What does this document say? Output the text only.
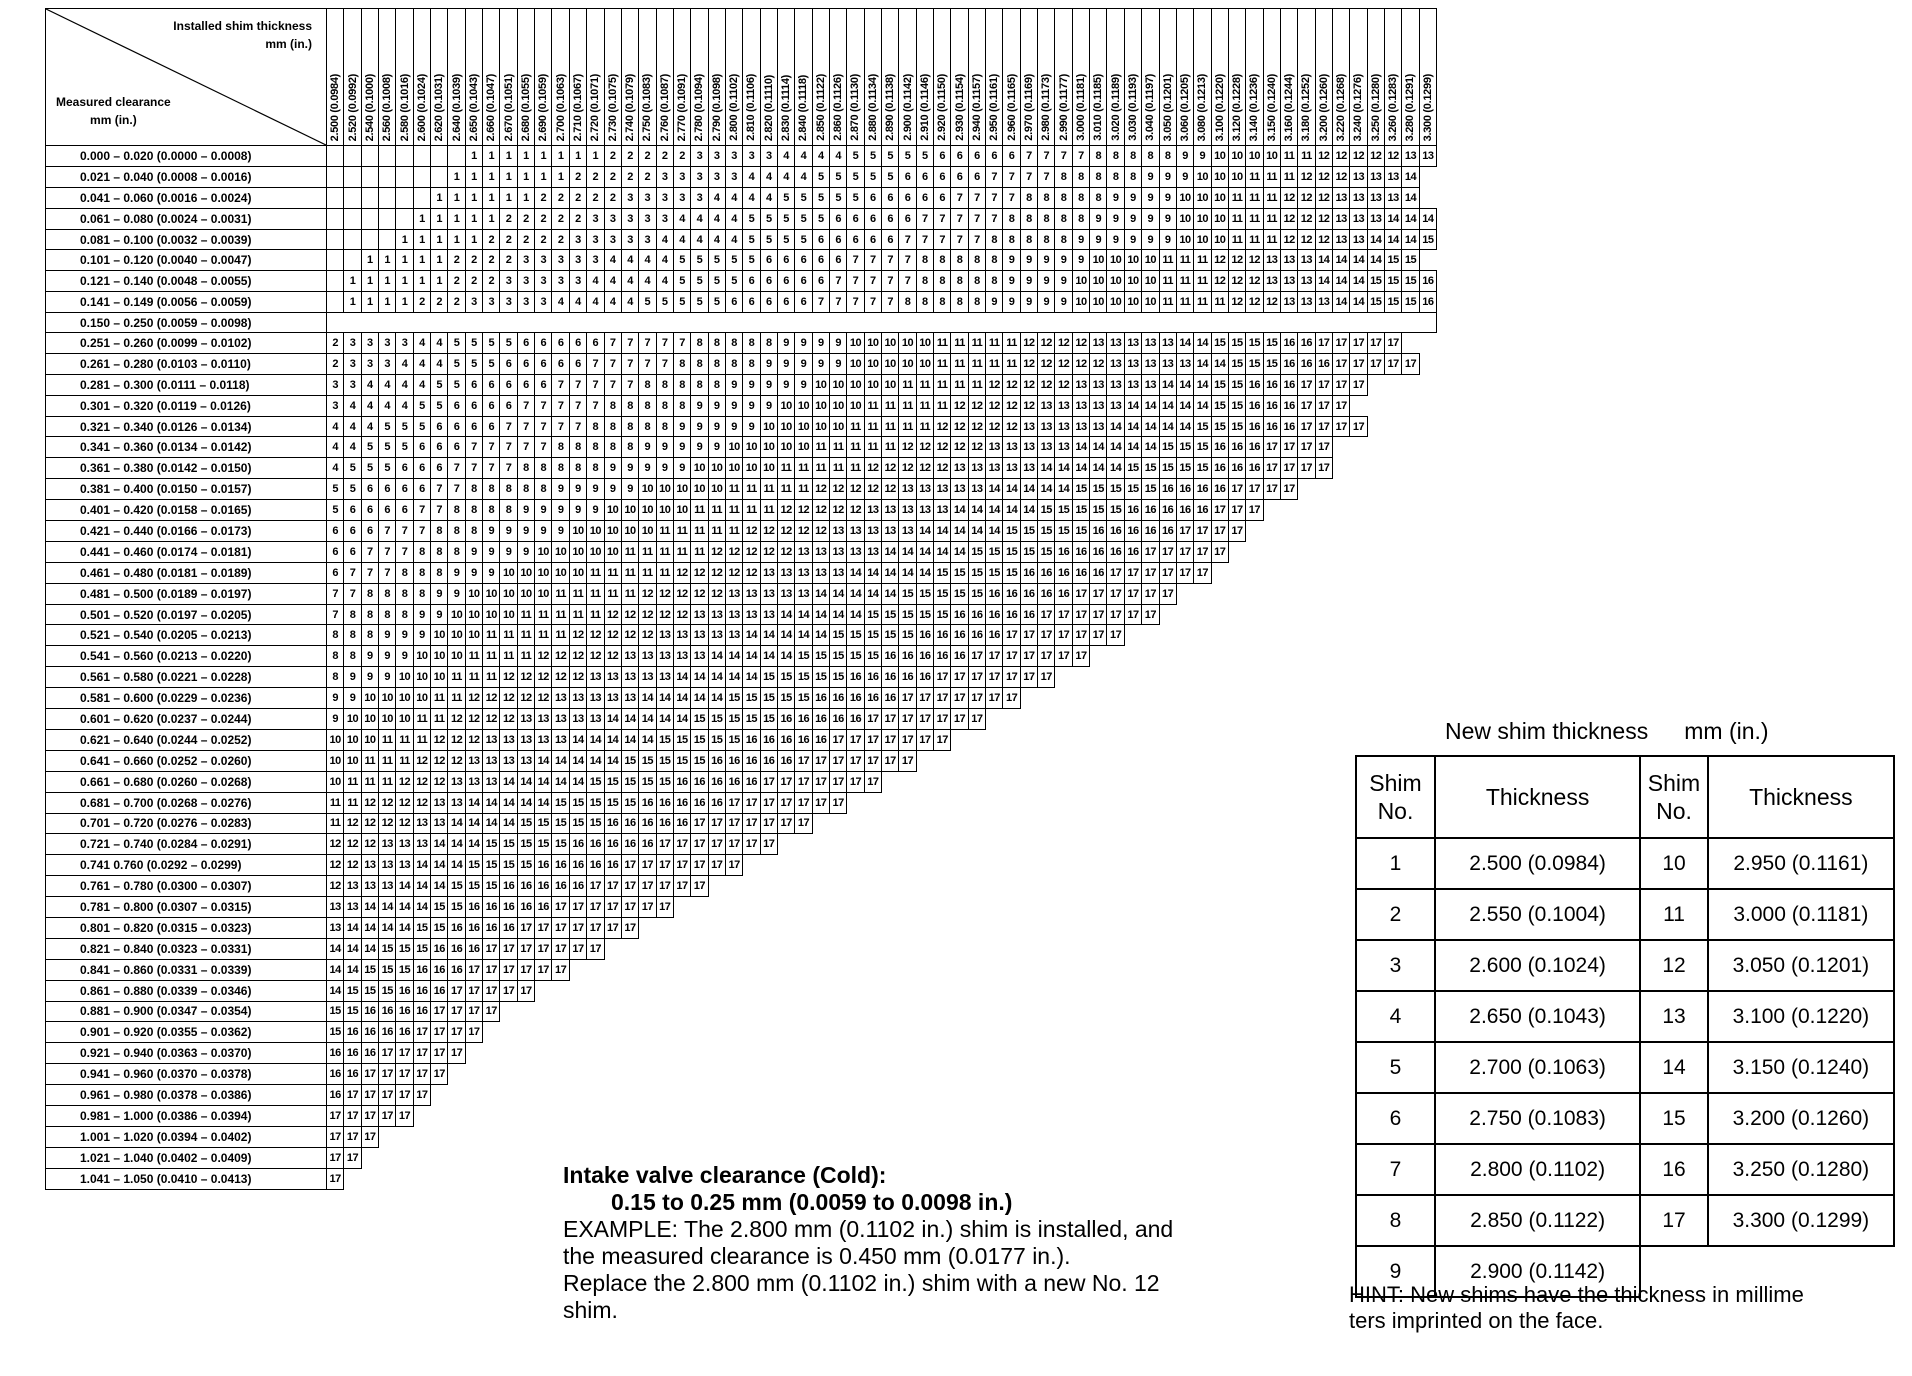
Installed shim thickness
mm (in.)
Measured clearance
mm (in.)	2.500 (0.0984)	2.520 (0.0992)	2.540 (0.1000)	2.560 (0.1008)	2.580 (0.1016)	2.600 (0.1024)	2.620 (0.1031)	2.640 (0.1039)	2.650 (0.1043)	2.660 (0.1047)	2.670 (0.1051)	2.680 (0.1055)	2.690 (0.1059)	2.700 (0.1063)	2.710 (0.1067)	2.720 (0.1071)	2.730 (0.1075)	2.740 (0.1079)	2.750 (0.1083)	2.760 (0.1087)	2.770 (0.1091)	2.780 (0.1094)	2.790 (0.1098)	2.800 (0.1102)	2.810 (0.1106)	2.820 (0.1110)	2.830 (0.1114)	2.840 (0.1118)	2.850 (0.1122)	2.860 (0.1126)	2.870 (0.1130)	2.880 (0.1134)	2.890 (0.1138)	2.900 (0.1142)	2.910 (0.1146)	2.920 (0.1150)	2.930 (0.1154)	2.940 (0.1157)	2.950 (0.1161)	2.960 (0.1165)	2.970 (0.1169)	2.980 (0.1173)	2.990 (0.1177)	3.000 (0.1181)	3.010 (0.1185)	3.020 (0.1189)	3.030 (0.1193)	3.040 (0.1197)	3.050 (0.1201)	3.060 (0.1205)	3.080 (0.1213)	3.100 (0.1220)	3.120 (0.1228)	3.140 (0.1236)	3.150 (0.1240)	3.160 (0.1244)	3.180 (0.1252)	3.200 (0.1260)	3.220 (0.1268)	3.240 (0.1276)	3.250 (0.1280)	3.260 (0.1283)	3.280 (0.1291)	3.300 (0.1299)

0.000 – 0.020 (0.0000 – 0.0008)									1	1	1	1	1	1	1	1	2	2	2	2	2	3	3	3	3	3	4	4	4	4	5	5	5	5	5	6	6	6	6	6	7	7	7	7	8	8	8	8	8	9	9	10	10	10	10	11	11	12	12	12	12	12	13	13
0.021 – 0.040 (0.0008 – 0.0016)								1	1	1	1	1	1	1	2	2	2	2	2	3	3	3	3	3	4	4	4	4	5	5	5	5	5	6	6	6	6	6	7	7	7	7	8	8	8	8	8	9	9	9	10	10	10	11	11	11	12	12	12	13	13	13	14	
0.041 – 0.060 (0.0016 – 0.0024)							1	1	1	1	1	1	2	2	2	2	2	3	3	3	3	3	4	4	4	4	5	5	5	5	5	6	6	6	6	6	7	7	7	7	8	8	8	8	8	9	9	9	9	10	10	10	11	11	11	12	12	12	13	13	13	13	14	
0.061 – 0.080 (0.0024 – 0.0031)						1	1	1	1	1	2	2	2	2	2	3	3	3	3	3	4	4	4	4	5	5	5	5	5	6	6	6	6	6	7	7	7	7	7	8	8	8	8	8	9	9	9	9	9	10	10	10	11	11	11	12	12	12	13	13	13	14	14	14
0.081 – 0.100 (0.0032 – 0.0039)					1	1	1	1	1	2	2	2	2	2	3	3	3	3	3	4	4	4	4	4	5	5	5	5	6	6	6	6	6	7	7	7	7	7	8	8	8	8	8	9	9	9	9	9	9	10	10	10	11	11	11	12	12	12	13	13	14	14	14	15
0.101 – 0.120 (0.0040 – 0.0047)			1	1	1	1	1	2	2	2	2	3	3	3	3	3	4	4	4	4	5	5	5	5	5	6	6	6	6	6	7	7	7	7	8	8	8	8	8	9	9	9	9	9	10	10	10	10	11	11	11	12	12	12	13	13	13	14	14	14	14	15	15	
0.121 – 0.140 (0.0048 – 0.0055)		1	1	1	1	1	1	2	2	2	3	3	3	3	3	4	4	4	4	4	5	5	5	5	6	6	6	6	6	7	7	7	7	7	8	8	8	8	8	9	9	9	9	10	10	10	10	10	11	11	11	12	12	12	13	13	13	14	14	14	15	15	15	16
0.141 – 0.149 (0.0056 – 0.0059)		1	1	1	1	2	2	2	3	3	3	3	3	4	4	4	4	4	5	5	5	5	5	6	6	6	6	6	7	7	7	7	7	8	8	8	8	8	9	9	9	9	9	10	10	10	10	10	11	11	11	11	12	12	12	13	13	13	14	14	15	15	15	16
0.150 – 0.250 (0.0059 – 0.0098)	
0.251 – 0.260 (0.0099 – 0.0102)	2	3	3	3	3	4	4	5	5	5	5	6	6	6	6	6	7	7	7	7	7	8	8	8	8	8	9	9	9	9	10	10	10	10	10	11	11	11	11	11	12	12	12	12	13	13	13	13	13	14	14	15	15	15	15	16	16	17	17	17	17	17		
0.261 – 0.280 (0.0103 – 0.0110)	2	3	3	3	4	4	4	5	5	5	6	6	6	6	6	7	7	7	7	7	8	8	8	8	8	9	9	9	9	9	10	10	10	10	10	11	11	11	11	11	12	12	12	12	12	13	13	13	13	13	14	14	15	15	15	16	16	16	17	17	17	17	17	
0.281 – 0.300 (0.0111 – 0.0118)	3	3	4	4	4	4	5	5	6	6	6	6	6	7	7	7	7	7	8	8	8	8	8	9	9	9	9	9	10	10	10	10	10	11	11	11	11	11	12	12	12	12	12	13	13	13	13	13	14	14	14	15	15	16	16	16	17	17	17	17				
0.301 – 0.320 (0.0119 – 0.0126)	3	4	4	4	4	5	5	6	6	6	6	7	7	7	7	7	8	8	8	8	8	9	9	9	9	9	10	10	10	10	10	11	11	11	11	11	12	12	12	12	12	13	13	13	13	13	14	14	14	14	14	15	15	16	16	16	17	17	17					
0.321 – 0.340 (0.0126 – 0.0134)	4	4	4	5	5	5	6	6	6	6	7	7	7	7	7	8	8	8	8	8	9	9	9	9	9	10	10	10	10	10	11	11	11	11	11	12	12	12	12	12	13	13	13	13	13	14	14	14	14	14	15	15	15	16	16	16	17	17	17	17				
0.341 – 0.360 (0.0134 – 0.0142)	4	4	5	5	5	6	6	6	7	7	7	7	7	8	8	8	8	8	9	9	9	9	9	10	10	10	10	10	11	11	11	11	11	12	12	12	12	12	13	13	13	13	13	14	14	14	14	14	15	15	15	16	16	16	17	17	17	17						
0.361 – 0.380 (0.0142 – 0.0150)	4	5	5	5	6	6	6	7	7	7	7	8	8	8	8	8	9	9	9	9	9	10	10	10	10	10	11	11	11	11	11	12	12	12	12	12	13	13	13	13	13	14	14	14	14	14	15	15	15	15	15	16	16	16	17	17	17	17						
0.381 – 0.400 (0.0150 – 0.0157)	5	5	6	6	6	6	7	7	8	8	8	8	8	9	9	9	9	9	10	10	10	10	10	11	11	11	11	11	12	12	12	12	12	13	13	13	13	13	14	14	14	14	14	15	15	15	15	15	16	16	16	16	17	17	17	17								
0.401 – 0.420 (0.0158 – 0.0165)	5	6	6	6	6	7	7	8	8	8	8	9	9	9	9	9	10	10	10	10	10	11	11	11	11	11	12	12	12	12	12	13	13	13	13	13	14	14	14	14	14	15	15	15	15	15	16	16	16	16	16	17	17	17										
0.421 – 0.440 (0.0166 – 0.0173)	6	6	6	7	7	7	8	8	8	9	9	9	9	9	10	10	10	10	10	11	11	11	11	11	12	12	12	12	12	13	13	13	13	13	14	14	14	14	14	15	15	15	15	15	16	16	16	16	16	17	17	17	17											
0.441 – 0.460 (0.0174 – 0.0181)	6	6	7	7	7	8	8	8	9	9	9	9	10	10	10	10	10	11	11	11	11	11	12	12	12	12	12	13	13	13	13	13	14	14	14	14	14	15	15	15	15	15	16	16	16	16	16	17	17	17	17	17												
0.461 – 0.480 (0.0181 – 0.0189)	6	7	7	7	8	8	8	9	9	9	10	10	10	10	10	11	11	11	11	11	12	12	12	12	12	13	13	13	13	13	14	14	14	14	14	15	15	15	15	15	16	16	16	16	16	17	17	17	17	17	17													
0.481 – 0.500 (0.0189 – 0.0197)	7	7	8	8	8	8	9	9	10	10	10	10	10	11	11	11	11	11	12	12	12	12	12	13	13	13	13	13	14	14	14	14	14	15	15	15	15	15	16	16	16	16	16	17	17	17	17	17	17															
0.501 – 0.520 (0.0197 – 0.0205)	7	8	8	8	8	9	9	10	10	10	10	11	11	11	11	11	12	12	12	12	12	13	13	13	13	13	14	14	14	14	14	15	15	15	15	15	16	16	16	16	16	17	17	17	17	17	17	17																
0.521 – 0.540 (0.0205 – 0.0213)	8	8	8	9	9	9	10	10	10	11	11	11	11	11	12	12	12	12	12	13	13	13	13	13	14	14	14	14	14	15	15	15	15	15	16	16	16	16	16	17	17	17	17	17	17	17																		
0.541 – 0.560 (0.0213 – 0.0220)	8	8	9	9	9	10	10	10	11	11	11	11	12	12	12	12	12	13	13	13	13	13	14	14	14	14	14	15	15	15	15	15	16	16	16	16	16	17	17	17	17	17	17	17																				
0.561 – 0.580 (0.0221 – 0.0228)	8	9	9	9	10	10	10	11	11	11	12	12	12	12	12	13	13	13	13	13	14	14	14	14	14	15	15	15	15	15	16	16	16	16	16	17	17	17	17	17	17	17																						
0.581 – 0.600 (0.0229 – 0.0236)	9	9	10	10	10	10	11	11	12	12	12	12	12	13	13	13	13	13	14	14	14	14	14	15	15	15	15	15	16	16	16	16	16	17	17	17	17	17	17	17																								
0.601 – 0.620 (0.0237 – 0.0244)	9	10	10	10	10	11	11	12	12	12	12	13	13	13	13	13	14	14	14	14	14	15	15	15	15	15	16	16	16	16	16	17	17	17	17	17	17	17																										
0.621 – 0.640 (0.0244 – 0.0252)	10	10	10	11	11	11	12	12	12	13	13	13	13	13	14	14	14	14	14	15	15	15	15	15	16	16	16	16	16	17	17	17	17	17	17	17																												
0.641 – 0.660 (0.0252 – 0.0260)	10	10	11	11	11	12	12	12	13	13	13	13	14	14	14	14	14	15	15	15	15	15	16	16	16	16	16	17	17	17	17	17	17	17																														
0.661 – 0.680 (0.0260 – 0.0268)	10	11	11	11	12	12	12	13	13	13	14	14	14	14	14	15	15	15	15	15	16	16	16	16	16	17	17	17	17	17	17	17																																
0.681 – 0.700 (0.0268 – 0.0276)	11	11	12	12	12	12	13	13	14	14	14	14	14	15	15	15	15	15	16	16	16	16	16	17	17	17	17	17	17	17																																		
0.701 – 0.720 (0.0276 – 0.0283)	11	12	12	12	12	13	13	14	14	14	14	15	15	15	15	15	16	16	16	16	16	17	17	17	17	17	17	17																																				
0.721 – 0.740 (0.0284 – 0.0291)	12	12	12	13	13	13	14	14	14	15	15	15	15	15	16	16	16	16	16	17	17	17	17	17	17	17																																						
0.741 0.760 (0.0292 – 0.0299)	12	12	13	13	13	14	14	14	15	15	15	15	16	16	16	16	16	17	17	17	17	17	17	17																																								
0.761 – 0.780 (0.0300 – 0.0307)	12	13	13	13	14	14	14	15	15	15	16	16	16	16	16	17	17	17	17	17	17	17																																										
0.781 – 0.800 (0.0307 – 0.0315)	13	13	14	14	14	14	15	15	16	16	16	16	16	17	17	17	17	17	17	17																																												
0.801 – 0.820 (0.0315 – 0.0323)	13	14	14	14	14	15	15	16	16	16	16	17	17	17	17	17	17	17																																														
0.821 – 0.840 (0.0323 – 0.0331)	14	14	14	15	15	15	16	16	16	17	17	17	17	17	17	17																																																
0.841 – 0.860 (0.0331 – 0.0339)	14	14	15	15	15	16	16	16	17	17	17	17	17	17																																																		
0.861 – 0.880 (0.0339 – 0.0346)	14	15	15	15	16	16	16	17	17	17	17	17																																																				
0.881 – 0.900 (0.0347 – 0.0354)	15	15	16	16	16	16	17	17	17	17																																																						
0.901 – 0.920 (0.0355 – 0.0362)	15	16	16	16	16	17	17	17	17																																																							
0.921 – 0.940 (0.0363 – 0.0370)	16	16	16	17	17	17	17	17																																																								
0.941 – 0.960 (0.0370 – 0.0378)	16	16	17	17	17	17	17																																																									
0.961 – 0.980 (0.0378 – 0.0386)	16	17	17	17	17	17																																																										
0.981 – 1.000 (0.0386 – 0.0394)	17	17	17	17	17																																																											
1.001 – 1.020 (0.0394 – 0.0402)	17	17	17																																																													
1.021 – 1.040 (0.0402 – 0.0409)	17	17																																																														
1.041 – 1.050 (0.0410 – 0.0413)	17																																																																Intake valve clearance (Cold):
0.15 to 0.25 mm (0.0059 to 0.0098 in.)
EXAMPLE: The 2.800 mm (0.1102 in.) shim is installed, and
the measured clearance is 0.450 mm (0.0177 in.).
Replace the 2.800 mm (0.1102 in.) shim with a new No. 12
shim.
New shim thickness mm (in.)
Shim No.	Thickness	Shim No.	Thickness
1	2.500 (0.0984)	10	2.950 (0.1161)
2	2.550 (0.1004)	11	3.000 (0.1181)
3	2.600 (0.1024)	12	3.050 (0.1201)
4	2.650 (0.1043)	13	3.100 (0.1220)
5	2.700 (0.1063)	14	3.150 (0.1240)
6	2.750 (0.1083)	15	3.200 (0.1260)
7	2.800 (0.1102)	16	3.250 (0.1280)
8	2.850 (0.1122)	17	3.300 (0.1299)
9	2.900 (0.1142)		
HINT: New shims have the thickness in millime
ters imprinted on the face.
